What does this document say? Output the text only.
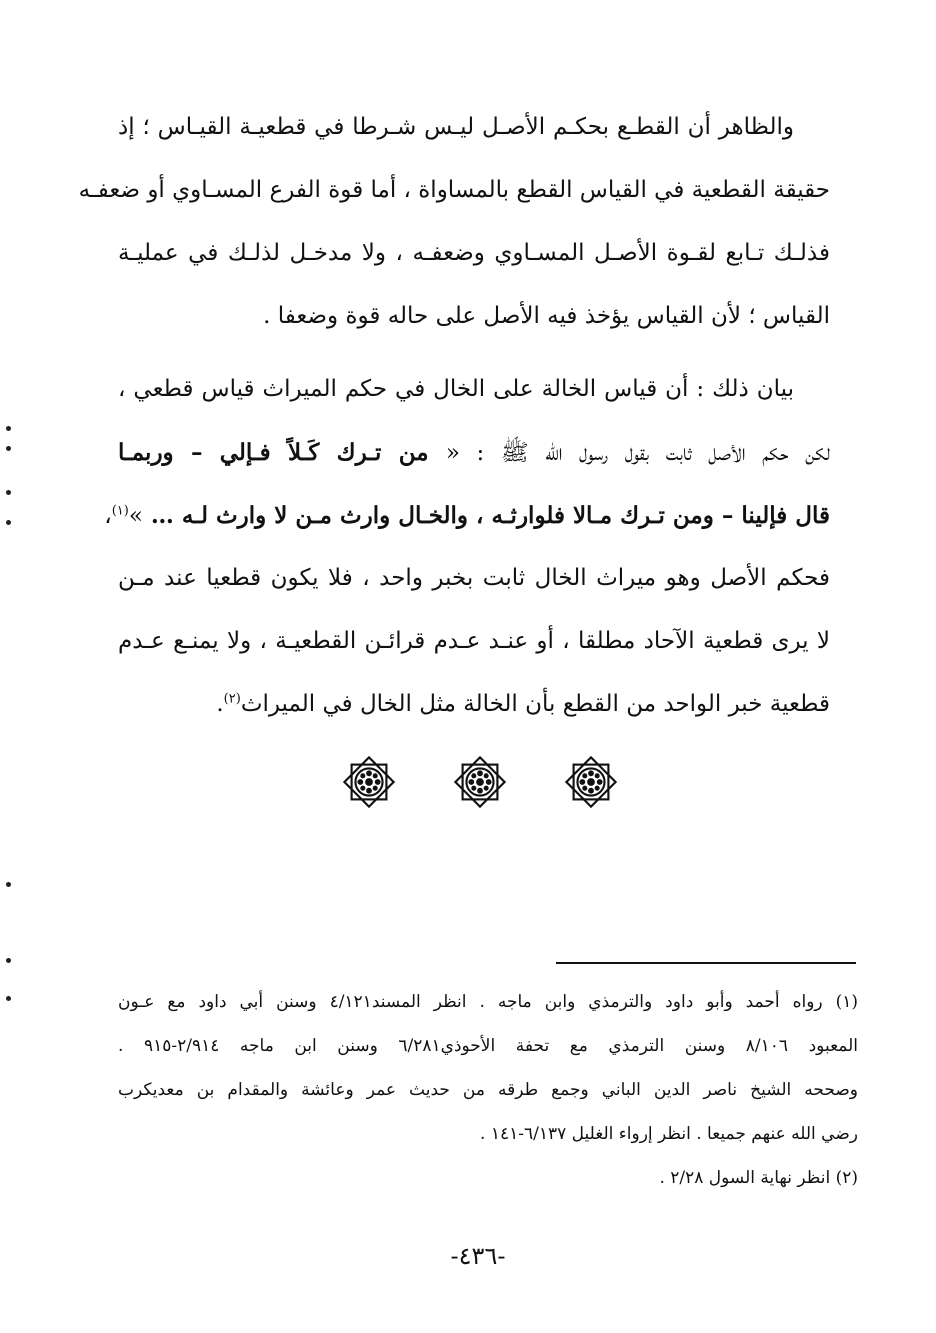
والظاهر أن القطـع بحكـم الأصـل ليـس شـرطا في قطعيـة القيـاس ؛ إذ
حقيقة القطعية في القياس القطع بالمساواة ، أما قوة الفرع المسـاوي أو ضعفـه
فذلـك تـابع لقـوة الأصـل المسـاوي وضعفـه ، ولا مدخـل لذلـك في عمليـة
القياس ؛ لأن القياس يؤخذ فيه الأصل على حاله قوة وضعفا .
بيان ذلك : أن قياس الخالة على الخال في حكم الميراث قياس قطعي ،
لكن حكم الأصل ثابت بقول رسول الله ﷺ : « من تـرك كَـلاً فـإلي – وربمـا
قال فإلينا – ومن تـرك مـالا فلوارثـه ، والخـال وارث مـن لا وارث لـه … »$^{(١)}$،
فحكم الأصل وهو ميراث الخال ثابت بخبر واحد ، فلا يكون قطعيا عند مـن
لا يرى قطعية الآحاد مطلقا ، أو عنـد عـدم قرائـن القطعيـة ، ولا يمنـع عـدم
قطعية خبر الواحد من القطع بأن الخالة مثل الخال في الميراث$^{(٢)}$.
(١) رواه أحمد وأبو داود والترمذي وابن ماجه . انظر المسند٤/١٢١ وسنن أبي داود مع عـون
المعبود ٨/١٠٦ وسنن الترمذي مع تحفة الأحوذي٦/٢٨١ وسنن ابن ماجه ٢/٩١٤-٩١٥ .
وصححه الشيخ ناصر الدين الباني وجمع طرقه من حديث عمر وعائشة والمقدام بن معديكرب
رضي الله عنهم جميعا . انظر إرواء الغليل ٦/١٣٧-١٤١ .
(٢) انظر نهاية السول ٢/٢٨ .
-٤٣٦-
